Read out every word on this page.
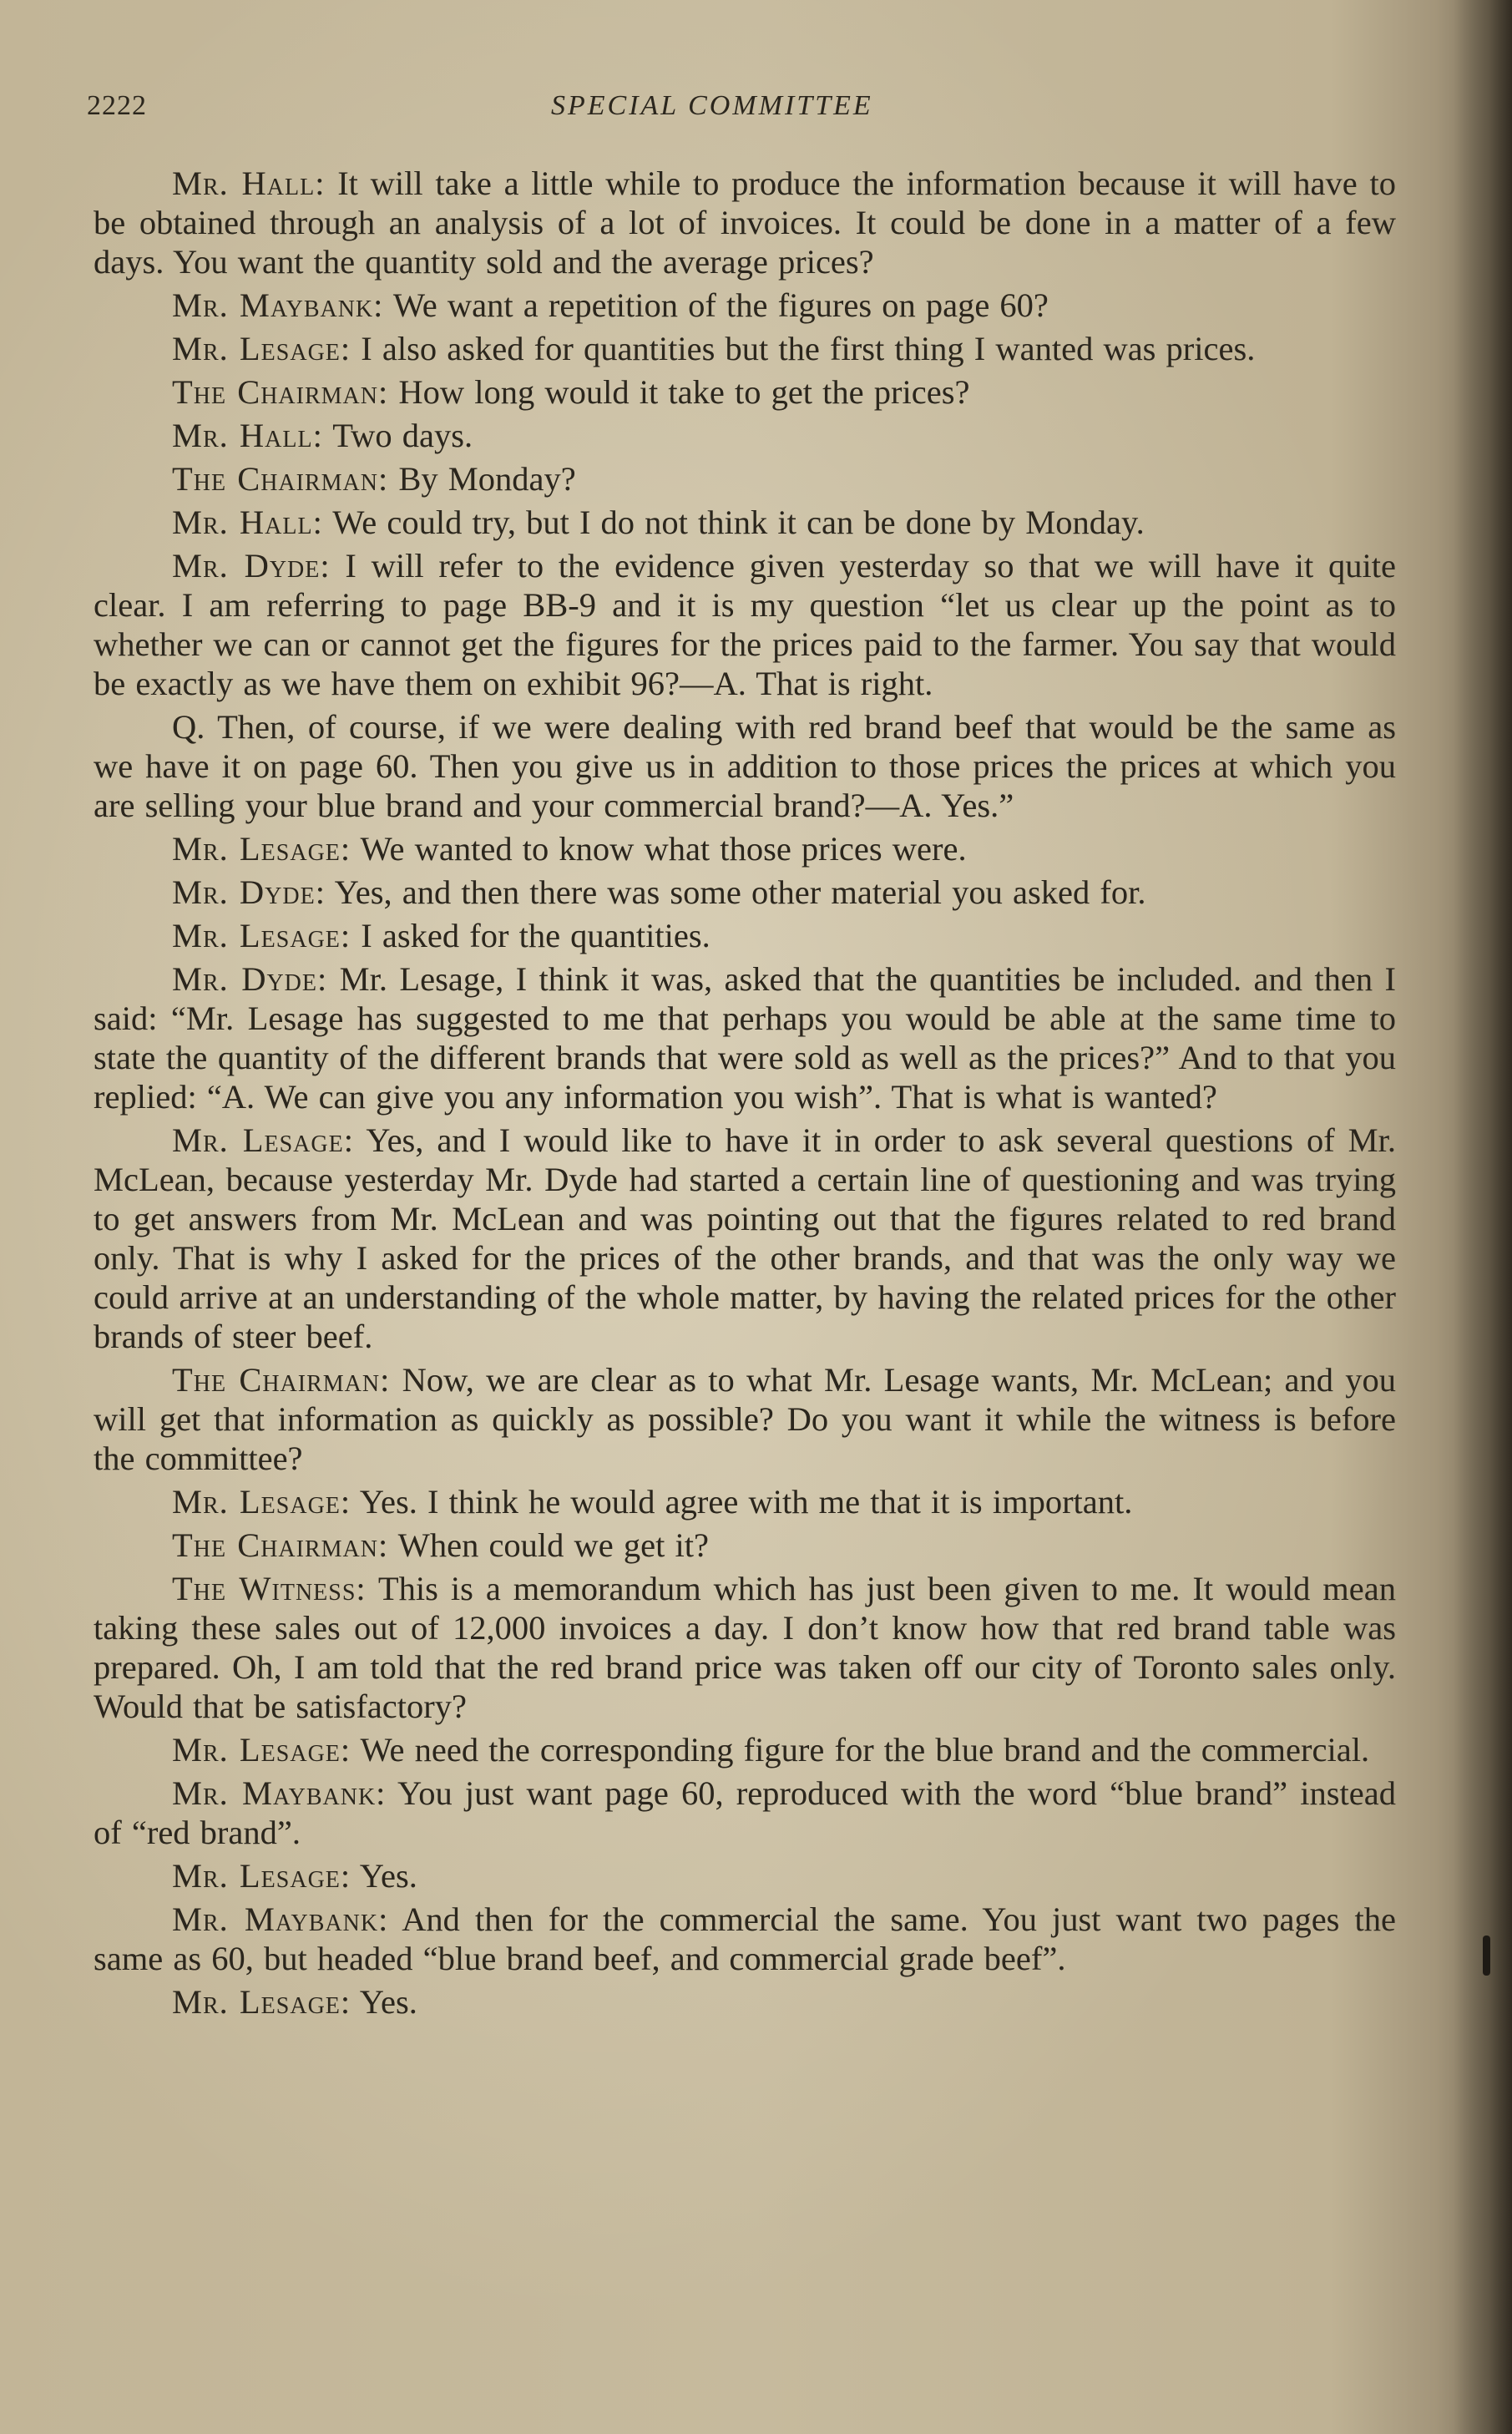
2222	SPECIAL COMMITTEE

Mr. Hall: It will take a little while to produce the information because it will have to be obtained through an analysis of a lot of invoices. It could be done in a matter of a few days. You want the quantity sold and the average prices?

Mr. Maybank: We want a repetition of the figures on page 60?

Mr. Lesage: I also asked for quantities but the first thing I wanted was prices.

The Chairman: How long would it take to get the prices?

Mr. Hall: Two days.

The Chairman: By Monday?

Mr. Hall: We could try, but I do not think it can be done by Monday.

Mr. Dyde: I will refer to the evidence given yesterday so that we will have it quite clear. I am referring to page BB-9 and it is my question “let us clear up the point as to whether we can or cannot get the figures for the prices paid to the farmer. You say that would be exactly as we have them on exhibit 96?—A. That is right.

Q. Then, of course, if we were dealing with red brand beef that would be the same as we have it on page 60. Then you give us in addition to those prices the prices at which you are selling your blue brand and your commercial brand?—A. Yes.”

Mr. Lesage: We wanted to know what those prices were.

Mr. Dyde: Yes, and then there was some other material you asked for.

Mr. Lesage: I asked for the quantities.

Mr. Dyde: Mr. Lesage, I think it was, asked that the quantities be included. and then I said: “Mr. Lesage has suggested to me that perhaps you would be able at the same time to state the quantity of the different brands that were sold as well as the prices?” And to that you replied: “A. We can give you any information you wish”. That is what is wanted?

Mr. Lesage: Yes, and I would like to have it in order to ask several questions of Mr. McLean, because yesterday Mr. Dyde had started a certain line of questioning and was trying to get answers from Mr. McLean and was pointing out that the figures related to red brand only. That is why I asked for the prices of the other brands, and that was the only way we could arrive at an understanding of the whole matter, by having the related prices for the other brands of steer beef.

The Chairman: Now, we are clear as to what Mr. Lesage wants, Mr. McLean; and you will get that information as quickly as possible? Do you want it while the witness is before the committee?

Mr. Lesage: Yes. I think he would agree with me that it is important.

The Chairman: When could we get it?

The Witness: This is a memorandum which has just been given to me. It would mean taking these sales out of 12,000 invoices a day. I don’t know how that red brand table was prepared. Oh, I am told that the red brand price was taken off our city of Toronto sales only. Would that be satisfactory?

Mr. Lesage: We need the corresponding figure for the blue brand and the commercial.

Mr. Maybank: You just want page 60, reproduced with the word “blue brand” instead of “red brand”.

Mr. Lesage: Yes.

Mr. Maybank: And then for the commercial the same. You just want two pages the same as 60, but headed “blue brand beef, and commercial grade beef”.

Mr. Lesage: Yes.
